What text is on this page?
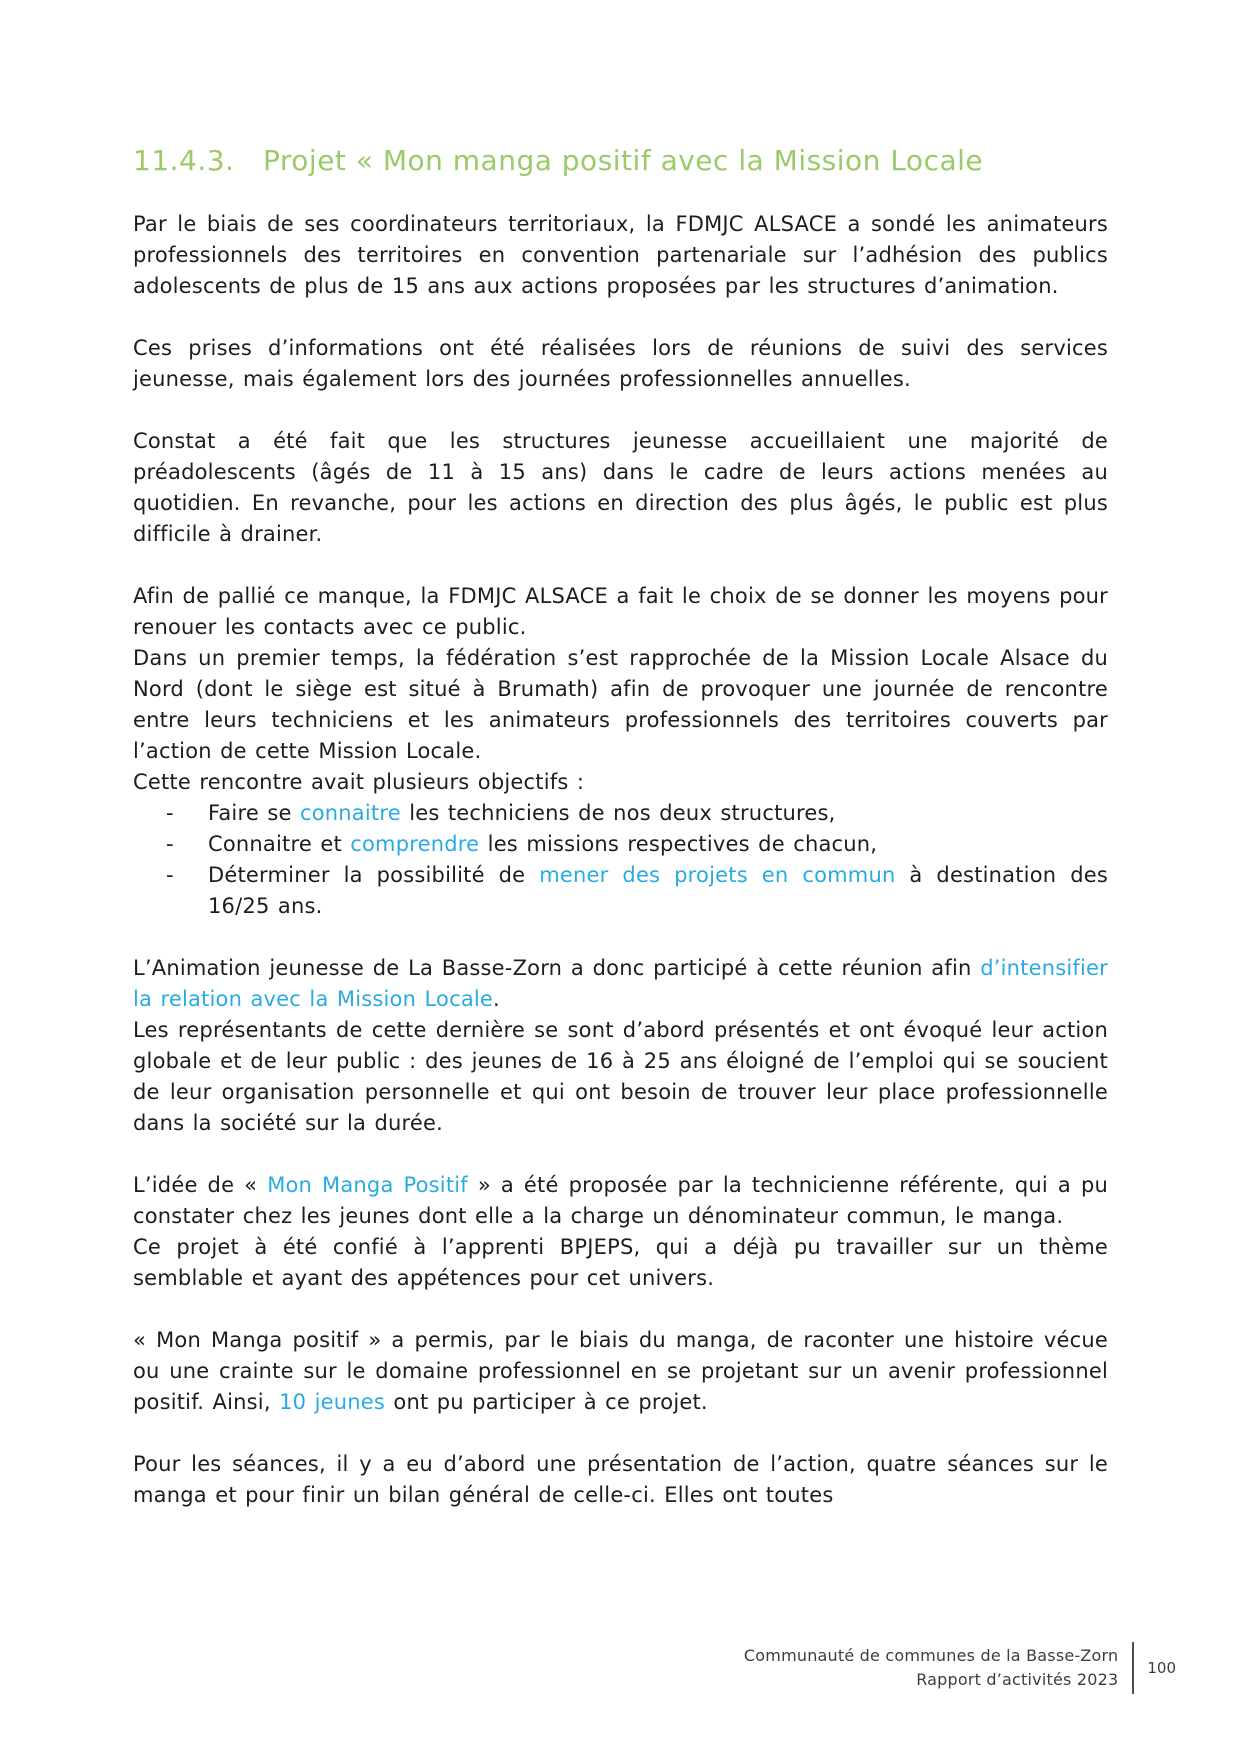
11.4.3. Projet « Mon manga positif avec la Mission Locale

Par le biais de ses coordinateurs territoriaux, la FDMJC ALSACE a sondé les animateurs professionnels des territoires en convention partenariale sur l’adhésion des publics adolescents de plus de 15 ans aux actions proposées par les structures d’animation.

Ces prises d’informations ont été réalisées lors de réunions de suivi des services jeunesse, mais également lors des journées professionnelles annuelles.

Constat a été fait que les structures jeunesse accueillaient une majorité de préadolescents (âgés de 11 à 15 ans) dans le cadre de leurs actions menées au quotidien. En revanche, pour les actions en direction des plus âgés, le public est plus difficile à drainer.

Afin de pallié ce manque, la FDMJC ALSACE a fait le choix de se donner les moyens pour renouer les contacts avec ce public.

Dans un premier temps, la fédération s’est rapprochée de la Mission Locale Alsace du Nord (dont le siège est situé à Brumath) afin de provoquer une journée de rencontre entre leurs techniciens et les animateurs professionnels des territoires couverts par l’action de cette Mission Locale.

Cette rencontre avait plusieurs objectifs :

-	Faire se connaitre les techniciens de nos deux structures,
-	Connaitre et comprendre les missions respectives de chacun,
-	Déterminer la possibilité de mener des projets en commun à destination des 16/25 ans.

L’Animation jeunesse de La Basse-Zorn a donc participé à cette réunion afin d’intensifier la relation avec la Mission Locale.

Les représentants de cette dernière se sont d’abord présentés et ont évoqué leur action globale et de leur public : des jeunes de 16 à 25 ans éloigné de l’emploi qui se soucient de leur organisation personnelle et qui ont besoin de trouver leur place professionnelle dans la société sur la durée.

L’idée de « Mon Manga Positif » a été proposée par la technicienne référente, qui a pu constater chez les jeunes dont elle a la charge un dénominateur commun, le manga.

Ce projet à été confié à l’apprenti BPJEPS, qui a déjà pu travailler sur un thème semblable et ayant des appétences pour cet univers.

« Mon Manga positif » a permis, par le biais du manga, de raconter une histoire vécue ou une crainte sur le domaine professionnel en se projetant sur un avenir professionnel positif. Ainsi, 10 jeunes ont pu participer à ce projet.

Pour les séances, il y a eu d’abord une présentation de l’action, quatre séances sur le manga et pour finir un bilan général de celle-ci. Elles ont toutes

Communauté de communes de la Basse-Zorn
Rapport d’activités 2023
100
